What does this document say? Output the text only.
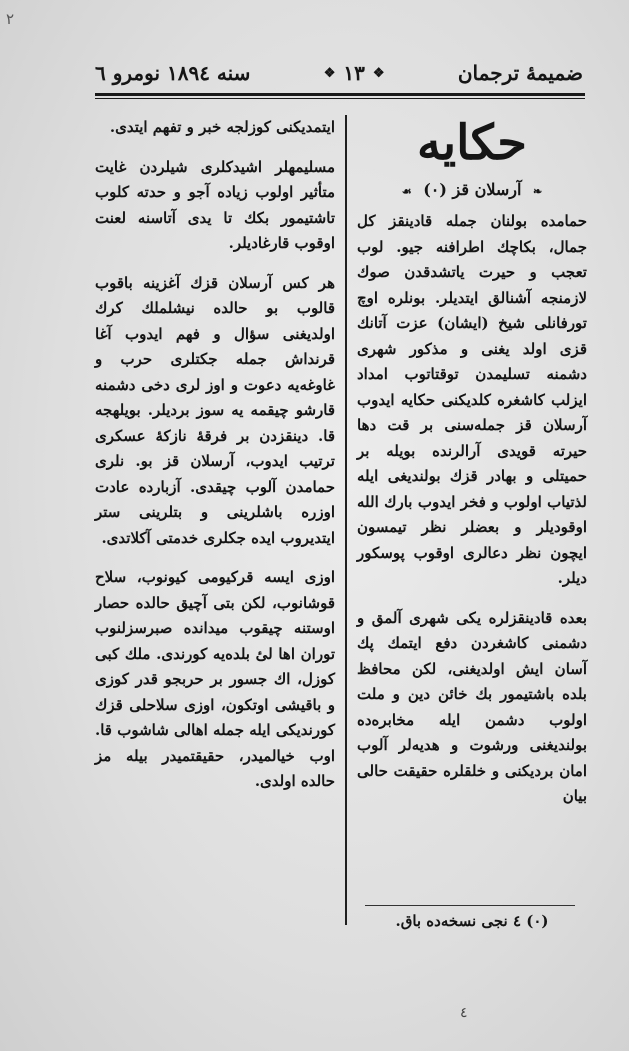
۲
ضمیمهٔ ترجمان
❖
١٣
❖
سنه ١٨٩٤ نومرو ٦
حکایه
❧ آرسلان قز (٠) ☙

حمامده بولنان جمله قادینقز کل جمال، بکاچك اطرافنه جیو. لوب تعجب و حیرت یاتشدقدن صوك لازمنجه آشنالق ایتدیلر. بونلره اوچ تورفانلی شیخ (ایشان) عزت آتانك قزی اولد یغنی و مذکور شهری دشمنه تسلیمدن توقتاتوب امداد ایزلب کاشغره کلدیکنی حکایه ایدوب آرسلان قز جملەسنی بر قت دها حیرته قویدی آرالرنده بویله بر حمیتلی و بهادر قزك بولندیغی ایله لذتیاب اولوب و فخر ایدوب بارك الله اوقودیلر و بعضلر نظر تیمسون ایچون نظر دعالری اوقوب پوسکور دیلر.

بعده قادینقزلره یکی شهری آلمق و دشمنی کاشغردن دفع ایتمك پك آسان ایش اولدیغنی، لکن محافظ بلده باشتیمور بك خائن دین و ملت اولوب دشمن ایله مخابرەده بولندیغنی ورشوت و هدیەلر آلوب امان بردیکنی و خلقلره حقیقت حالی بیان

ایتمدیکنی کوزلجه خبر و تفهم ایتدی.

مسلیمهلر اشیدکلری شیلردن غایت متأثیر اولوب زیاده آجو و حدته کلوب تاشتیمور بکك تا یدی آتاسنه لعنت اوقوب قارغادیلر.

هر کس آرسلان قزك آغزینه باقوب قالوب بو حالده نیشلملك کرك اولدیغنی سؤال و فهم ایدوب آغا قرنداش جمله جکتلری حرب و غاوغەیه دعوت و اوز لری دخی دشمنه قارشو چیقمه یه سوز بردیلر. بویلهجه قا. دینقزدن بر فرقهٔ نازکهٔ عسکری ترتیب ایدوب، آرسلان قز بو. نلری حمامدن آلوب چیقدی. آزبارده عادت اوزره باشلرینی و بتلرینی ستر ایتدیروب ایده جکلری خدمتی آکلاتدی.

اوزی ایسه قرکیومی کیونوب، سلاح قوشانوب، لکن بتی آچیق حالده حصار اوستنه چیقوب میدانده صبرسزلنوب توران اها لیٔ بلدەیه کورندی. ملك کبی کوزل، اك جسور بر حربجو قدر کوزی و باقیشی اوتکون، اوزی سلاحلی قزك کورندیکی ایله جمله اهالی شاشوب قا. اوب خیالمیدر، حقیقتمیدر بیله مز حالده اولدی.

(٠) ٤ نجی نسخەده باق.
٤
